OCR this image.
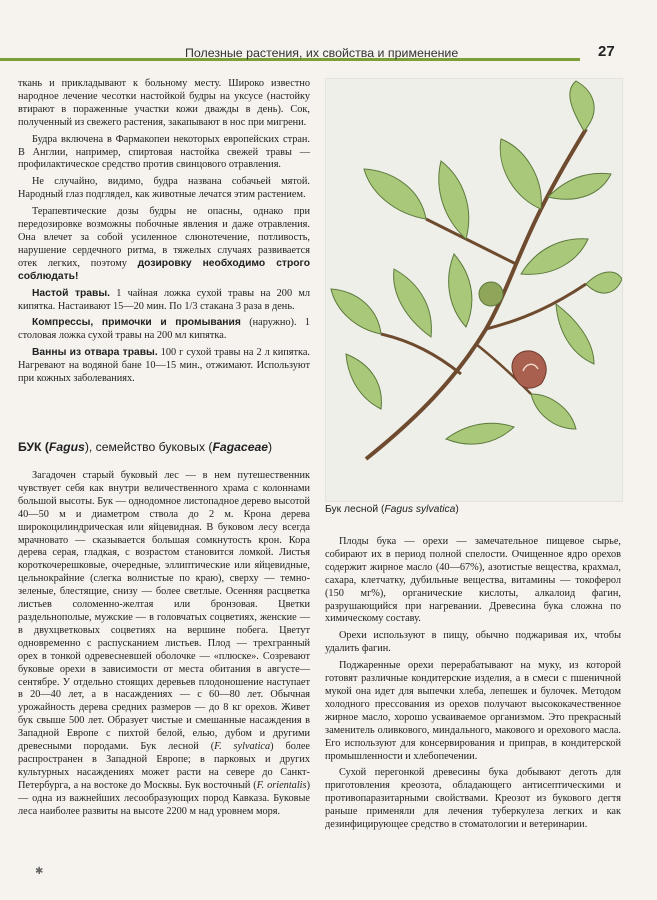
Полезные растения, их свойства и применение	27

ткань и прикладывают к больному месту. Широко известно народное лечение чесотки настойкой будры на уксусе (настойку втирают в пораженные участки кожи дважды в день). Сок, полученный из свежего растения, закапывают в нос при мигрени.

Будра включена в Фармакопеи некоторых европейских стран. В Англии, например, спиртовая настойка свежей травы — профилактическое средство против свинцового отравления.

Не случайно, видимо, будра названа собачьей мятой. Народный глаз подглядел, как животные лечатся этим растением.

Терапевтические дозы будры не опасны, однако при передозировке возможны побочные явления и даже отравления. Она влечет за собой усиленное слюнотечение, потливость, нарушение сердечного ритма, в тяжелых случаях развивается отек легких, поэтому дозировку необходимо строго соблюдать!

Настой травы. 1 чайная ложка сухой травы на 200 мл кипятка. Настаивают 15—20 мин. По 1/3 стакана 3 раза в день.

Компрессы, примочки и промывания (наружно). 1 столовая ложка сухой травы на 200 мл кипятка.

Ванны из отвара травы. 100 г сухой травы на 2 л кипятка. Нагревают на водяной бане 10—15 мин., отжимают. Используют при кожных заболеваниях.

БУК (Fagus), семейство буковых (Fagaceae)

Загадочен старый буковый лес — в нем путешественник чувствует себя как внутри величественного храма с колоннами большой высоты. Бук — однодомное листопадное дерево высотой 40—50 м и диаметром ствола до 2 м. Крона дерева широкоцилиндрическая или яйцевидная. В буковом лесу всегда мрачновато — сказывается большая сомкнутость крон. Кора дерева серая, гладкая, с возрастом становится ломкой. Листья короткочерешковые, очередные, эллиптические или яйцевидные, цельнокрайние (слегка волнистые по краю), сверху — темно-зеленые, блестящие, снизу — более светлые. Осенняя расцветка листьев соломенно-желтая или бронзовая. Цветки раздельнополые, мужские — в головчатых соцветиях, женские — в двухцветковых соцветиях на вершине побега. Цветут одновременно с распусканием листьев. Плод — трехгранный орех в тонкой одревесневшей оболочке — «плюске». Созревают буковые орехи в зависимости от места обитания в августе—сентябре. У отдельно стоящих деревьев плодоношение наступает в 20—40 лет, а в насаждениях — с 60—80 лет. Обычная урожайность дерева средних размеров — до 8 кг орехов. Живет бук свыше 500 лет. Образует чистые и смешанные насаждения в Западной Европе с пихтой белой, елью, дубом и другими древесными породами. Бук лесной (F. sylvatica) более распространен в Западной Европе; в парковых и других культурных насаждениях может расти на севере до Санкт-Петербурга, а на востоке до Москвы. Бук восточный (F. orientalis) — одна из важнейших лесообразующих пород Кавказа. Буковые леса наиболее развиты на высоте 2200 м над уровнем моря.

Бук лесной (Fagus sylvatica)

Плоды бука — орехи — замечательное пищевое сырье, собирают их в период полной спелости. Очищенное ядро орехов содержит жирное масло (40—67%), азотистые вещества, крахмал, сахара, клетчатку, дубильные вещества, витамины — токоферол (150 мг%), органические кислоты, алкалоид фагин, разрушающийся при нагревании. Древесина бука сложна по химическому составу.

Орехи используют в пищу, обычно поджаривая их, чтобы удалить фагин.

Поджаренные орехи перерабатывают на муку, из которой готовят различные кондитерские изделия, а в смеси с пшеничной мукой она идет для выпечки хлеба, лепешек и булочек. Методом холодного прессования из орехов получают высококачественное жирное масло, хорошо усваиваемое организмом. Это прекрасный заменитель оливкового, миндального, макового и орехового масла. Его используют для консервирования и приправ, в кондитерской промышленности и хлебопечении.

Сухой перегонкой древесины бука добывают деготь для приготовления креозота, обладающего антисептическими и противопаразитарными свойствами. Креозот из букового дегтя раньше применяли для лечения туберкулеза легких и как дезинфицирующее средство в стоматологии и ветеринарии.

✱
